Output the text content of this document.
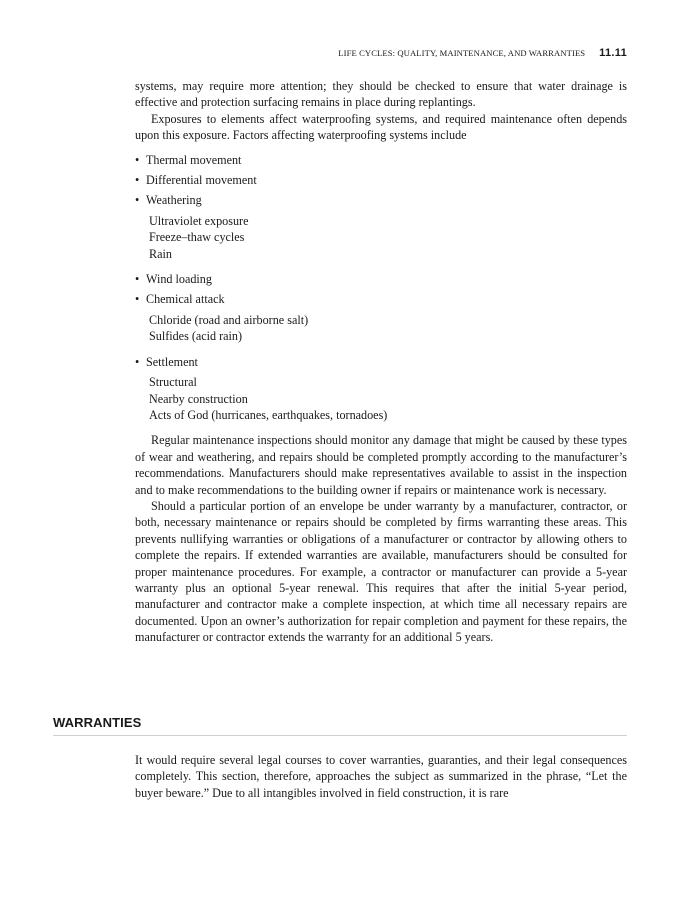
LIFE CYCLES: QUALITY, MAINTENANCE, AND WARRANTIES 11.11

systems, may require more attention; they should be checked to ensure that water drainage is effective and protection surfacing remains in place during replantings.

Exposures to elements affect waterproofing systems, and required maintenance often depends upon this exposure. Factors affecting waterproofing systems include

• Thermal movement
• Differential movement
• Weathering
Ultraviolet exposure
Freeze–thaw cycles
Rain
• Wind loading
• Chemical attack
Chloride (road and airborne salt)
Sulfides (acid rain)
• Settlement
Structural
Nearby construction
Acts of God (hurricanes, earthquakes, tornadoes)

Regular maintenance inspections should monitor any damage that might be caused by these types of wear and weathering, and repairs should be completed promptly according to the manufacturer’s recommendations. Manufacturers should make representatives available to assist in the inspection and to make recommendations to the building owner if repairs or maintenance work is necessary.

Should a particular portion of an envelope be under warranty by a manufacturer, contractor, or both, necessary maintenance or repairs should be completed by firms warranting these areas. This prevents nullifying warranties or obligations of a manufacturer or contractor by allowing others to complete the repairs. If extended warranties are available, manufacturers should be consulted for proper maintenance procedures. For example, a contractor or manufacturer can provide a 5-year warranty plus an optional 5-year renewal. This requires that after the initial 5-year period, manufacturer and contractor make a complete inspection, at which time all necessary repairs are documented. Upon an owner’s authorization for repair completion and payment for these repairs, the manufacturer or contractor extends the warranty for an additional 5 years.

WARRANTIES

It would require several legal courses to cover warranties, guaranties, and their legal consequences completely. This section, therefore, approaches the subject as summarized in the phrase, “Let the buyer beware.” Due to all intangibles involved in field construction, it is rare
